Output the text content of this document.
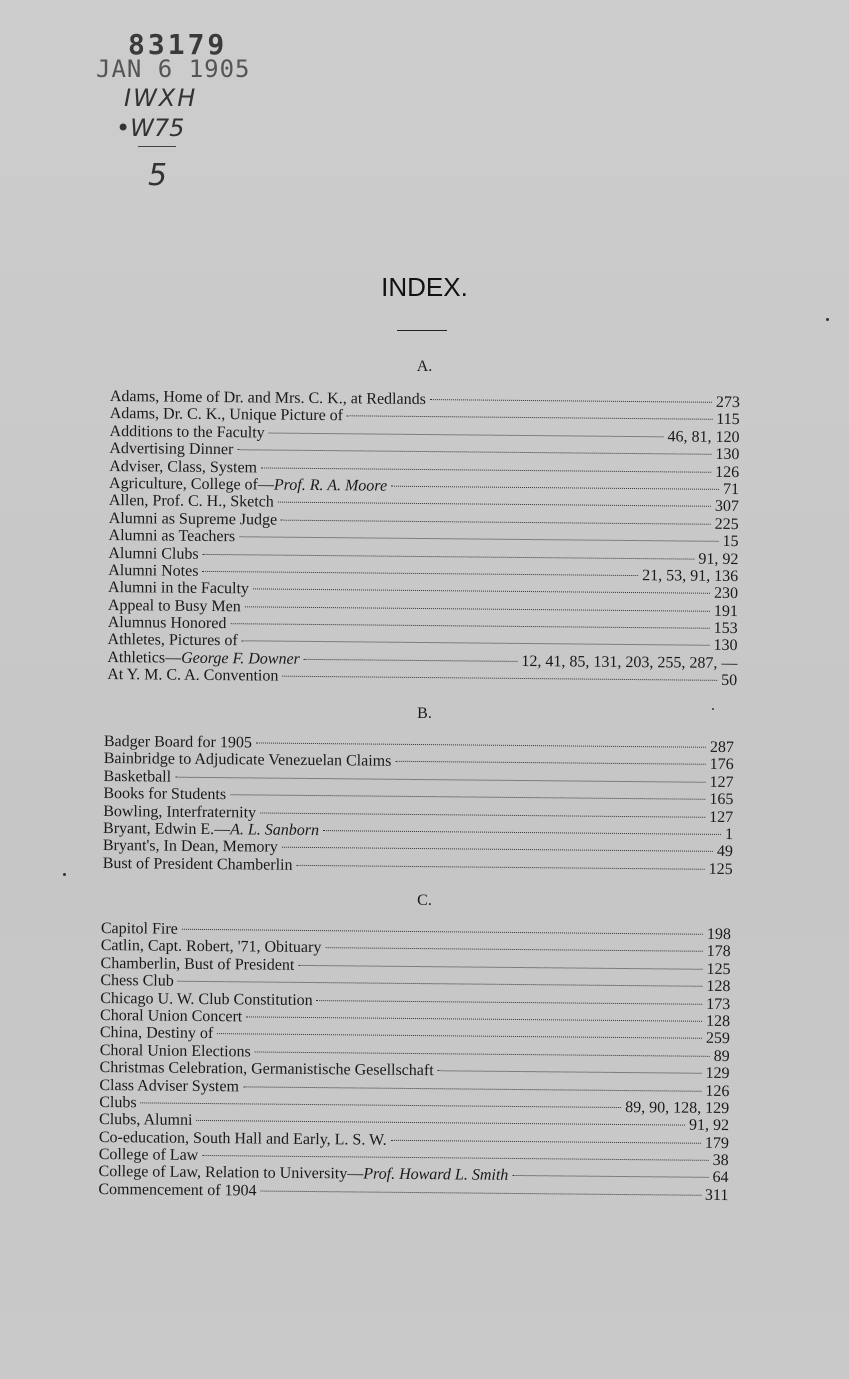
83179
JAN 6 1905
IWXH
•W75
5
INDEX.
A.
Adams, Home of Dr. and Mrs. C. K., at Redlands	273
Adams, Dr. C. K., Unique Picture of	115
Additions to the Faculty	46, 81, 120
Advertising Dinner	130
Adviser, Class, System	126
Agriculture, College of—Prof. R. A. Moore	71
Allen, Prof. C. H., Sketch	307
Alumni as Supreme Judge	225
Alumni as Teachers	15
Alumni Clubs	91, 92
Alumni Notes	21, 53, 91, 136
Alumni in the Faculty	230
Appeal to Busy Men	191
Alumnus Honored	153
Athletes, Pictures of	130
Athletics—George F. Downer	12, 41, 85, 131, 203, 255, 287, —
At Y. M. C. A. Convention	50
B.
Badger Board for 1905	287
Bainbridge to Adjudicate Venezuelan Claims	176
Basketball	127
Books for Students	165
Bowling, Interfraternity	127
Bryant, Edwin E.—A. L. Sanborn	1
Bryant's, In Dean, Memory	49
Bust of President Chamberlin	125
C.
Capitol Fire	198
Catlin, Capt. Robert, '71, Obituary	178
Chamberlin, Bust of President	125
Chess Club	128
Chicago U. W. Club Constitution	173
Choral Union Concert	128
China, Destiny of	259
Choral Union Elections	89
Christmas Celebration, Germanistische Gesellschaft	129
Class Adviser System	126
Clubs	89, 90, 128, 129
Clubs, Alumni	91, 92
Co-education, South Hall and Early, L. S. W.	179
College of Law	38
College of Law, Relation to University—Prof. Howard L. Smith	64
Commencement of 1904	311
